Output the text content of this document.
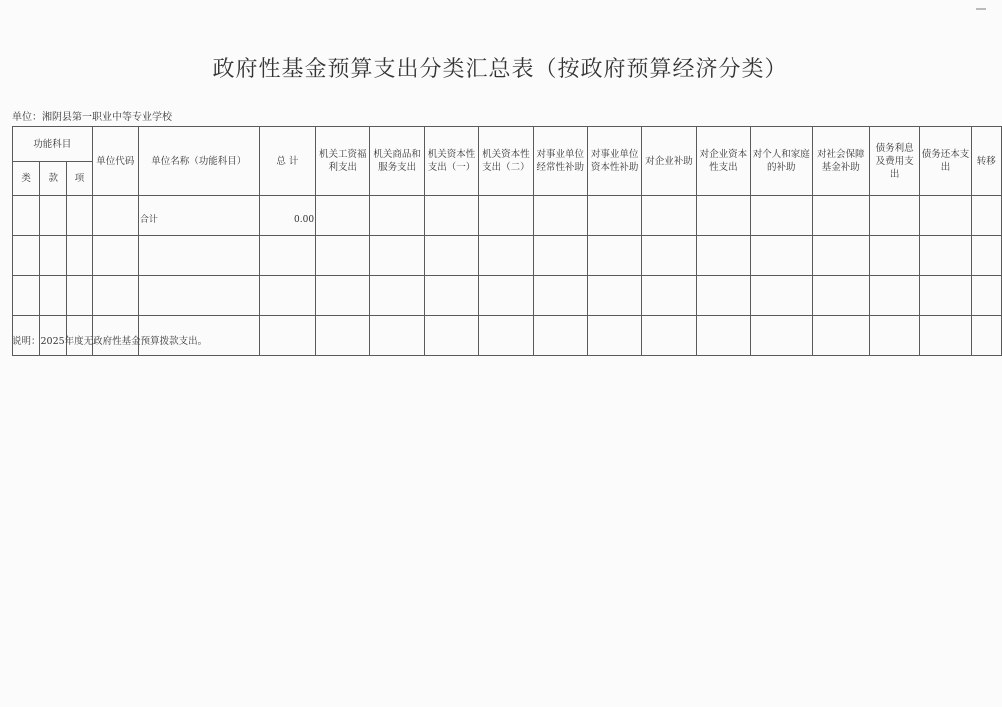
政府性基金预算支出分类汇总表（按政府预算经济分类）
单位：湘阴县第一职业中等专业学校
功能科目			单位代码	单位名称（功能科目）	总 计	机关工资福利支出	机关商品和服务支出	机关资本性支出（一）	机关资本性支出（二）	对事业单位经常性补助	对事业单位资本性补助	对企业补助	对企业资本性支出	对个人和家庭的补助	对社会保障基金补助	债务利息及费用支出	债务还本支出	转移
类	款	项																
				合计	0.00													

说明：2025年度无政府性基金预算拨款支出。
